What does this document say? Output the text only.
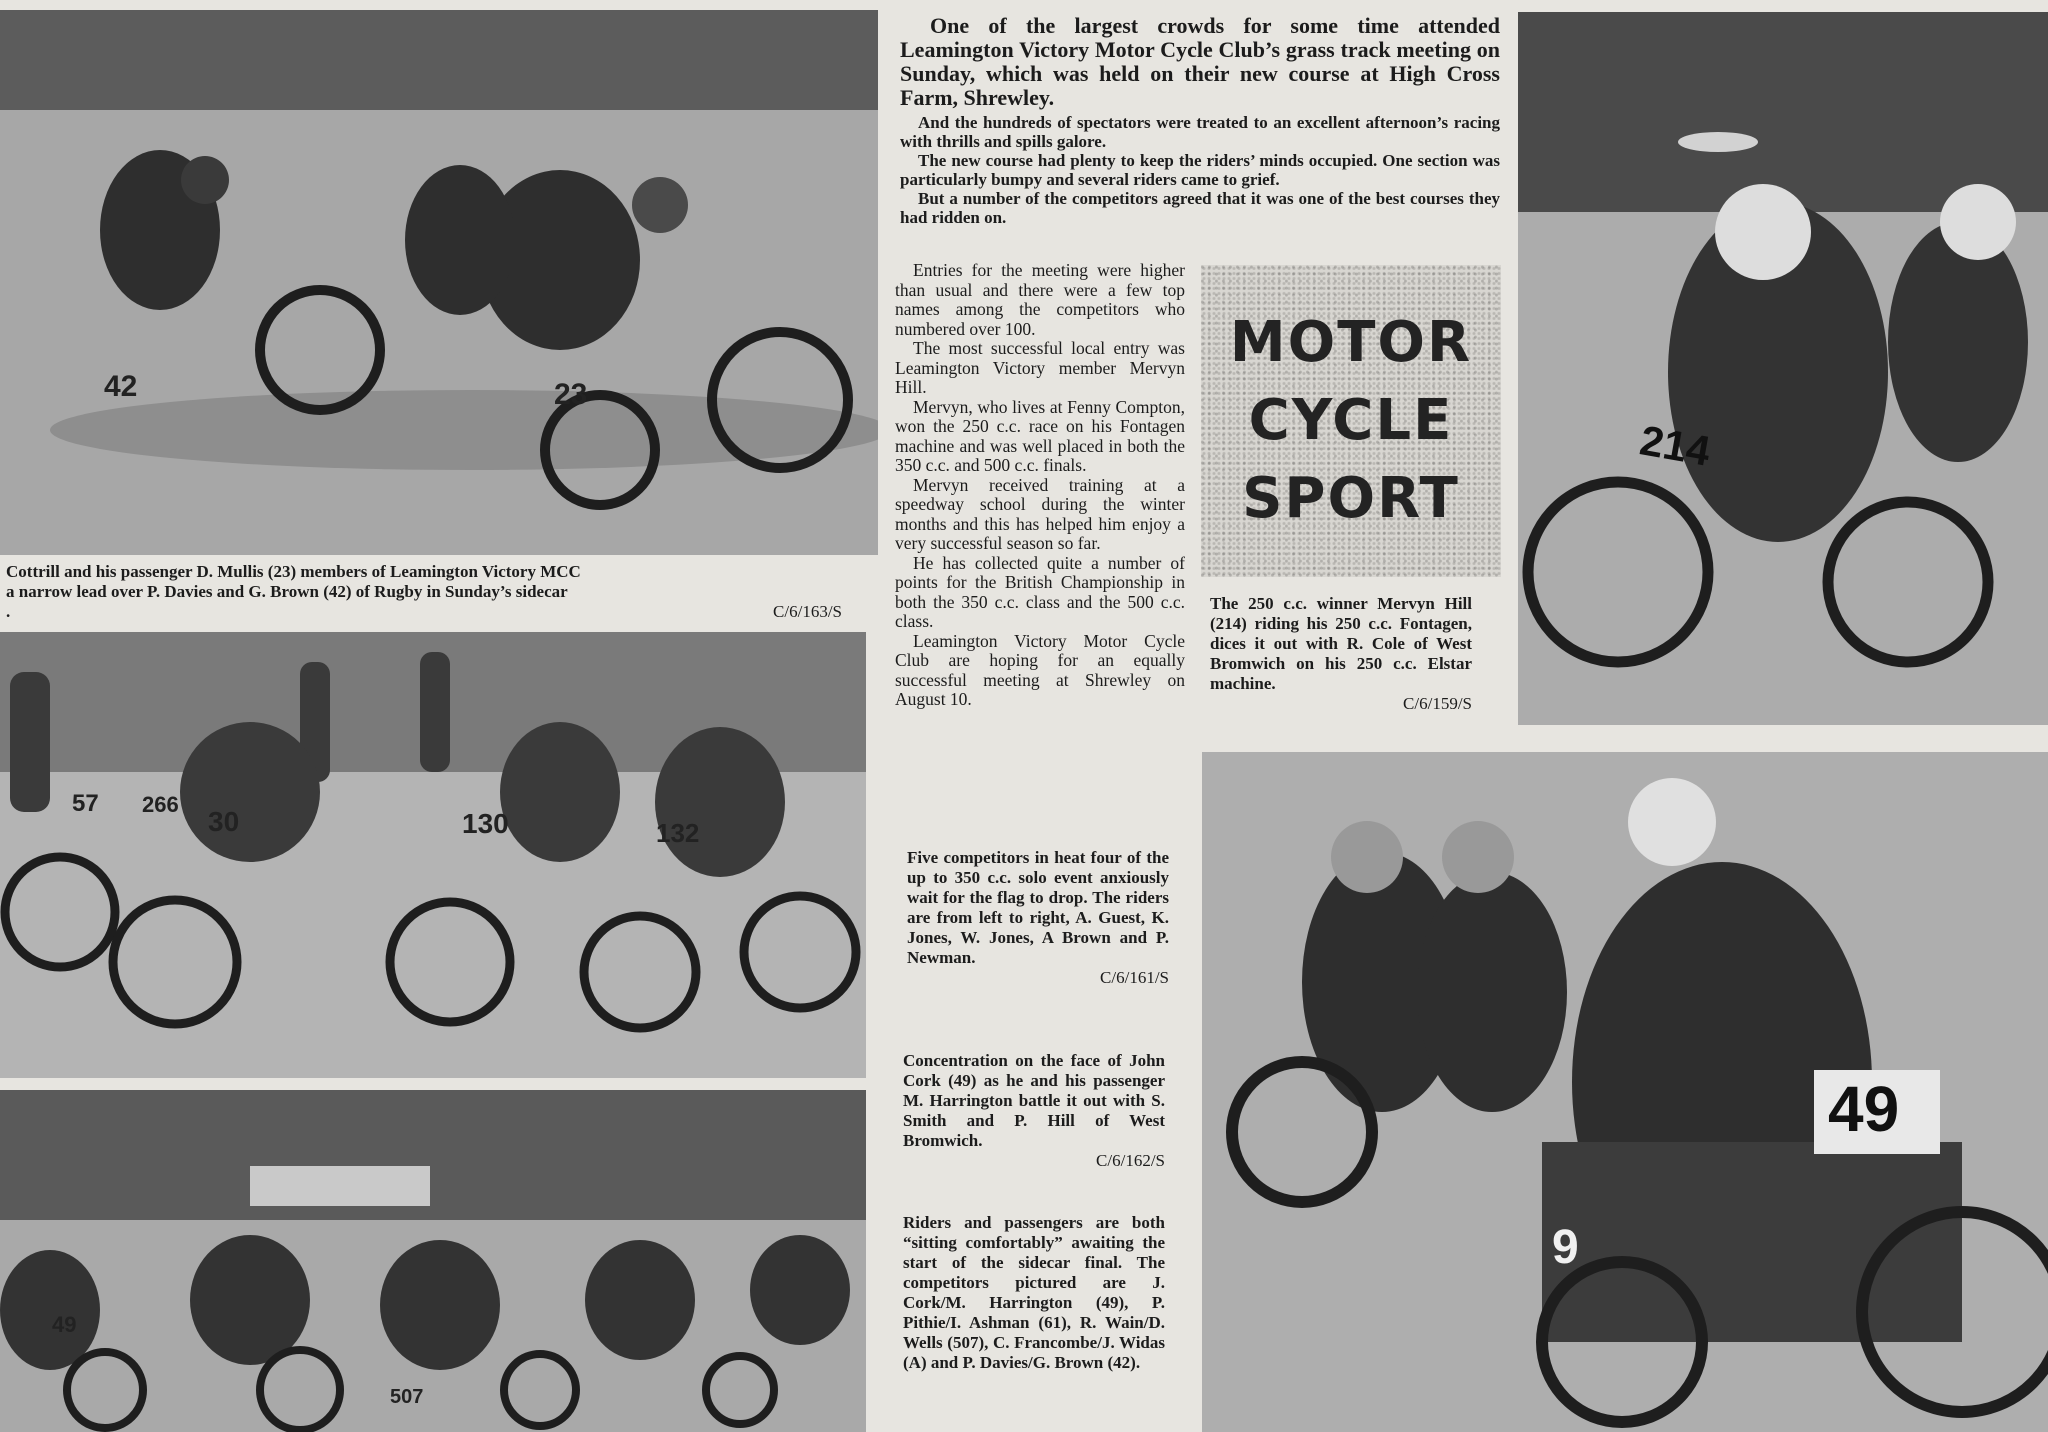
42	23
Cottrill and his passenger D. Mullis (23) members of Leamington Victory MCC
a narrow lead over P. Davies and G. Brown (42) of Rugby in Sunday’s sidecar
.	C/6/163/S
57 266
30	130	132
49
507

One of the largest crowds for some time attended Leamington Victory Motor Cycle Club’s grass track meeting on Sunday, which was held on their new course at High Cross Farm, Shrewley.

And the hundreds of spectators were treated to an excellent afternoon’s racing with thrills and spills galore.

The new course had plenty to keep the riders’ minds occupied. One section was particularly bumpy and several riders came to grief.

But a number of the competitors agreed that it was one of the best courses they had ridden on.

Entries for the meeting were higher than usual and there were a few top names among the competitors who numbered over 100.

The most successful local entry was Leamington Victory member Mervyn Hill.

Mervyn, who lives at Fenny Compton, won the 250 c.c. race on his Fontagen machine and was well placed in both the 350 c.c. and 500 c.c. finals.

Mervyn received training at a speedway school during the winter months and this has helped him enjoy a very successful season so far.

He has collected quite a number of points for the British Championship in both the 350 c.c. class and the 500 c.c. class.

Leamington Victory Motor Cycle Club are hoping for an equally successful meeting at Shrewley on August 10.

Five competitors in heat four of the up to 350 c.c. solo event anxiously wait for the flag to drop. The riders are from left to right, A. Guest, K. Jones, W. Jones, A Brown and P. Newman.
C/6/161/S
Concentration on the face of John Cork (49) as he and his passenger M. Harrington battle it out with S. Smith and P. Hill of West Bromwich.
C/6/162/S
Riders and passengers are both “sitting comfortably” awaiting the start of the sidecar final. The competitors pictured are J. Cork/M. Harrington (49), P. Pithie/I. Ashman (61), R. Wain/D. Wells (507), C. Francombe/J. Widas (A) and P. Davies/G. Brown (42).
MOTOR
CYCLE
SPORT
214
The 250 c.c. winner Mervyn Hill (214) riding his 250 c.c. Fontagen, dices it out with R. Cole of West Bromwich on his 250 c.c. Elstar machine.
C/6/159/S
49
9
